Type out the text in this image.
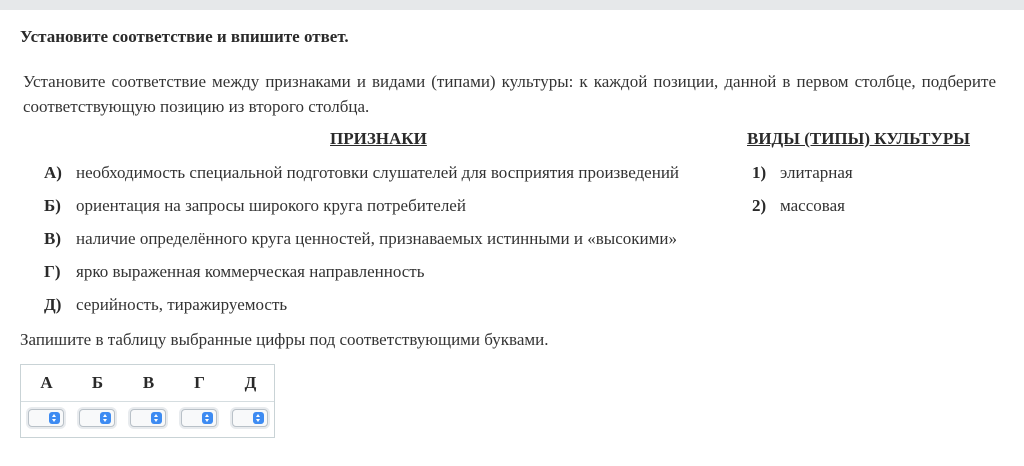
Установите соответствие и впишите ответ.
Установите соответствие между признаками и видами (типами) культуры: к каждой позиции, данной в первом столбце, подберите соответствующую позицию из второго столбца.
ПРИЗНАКИ	ВИДЫ (ТИПЫ) КУЛЬТУРЫ
А) необходимость специальной подготовки слушателей для восприятия произведений
Б) ориентация на запросы широкого круга потребителей
В) наличие определённого круга ценностей, признаваемых истинными и «высокими»
Г) ярко выраженная коммерческая направленность
Д) серийность, тиражируемость
1) элитарная
2) массовая
Запишите в таблицу выбранные цифры под соответствующими буквами.
А	Б	В	Г	Д
